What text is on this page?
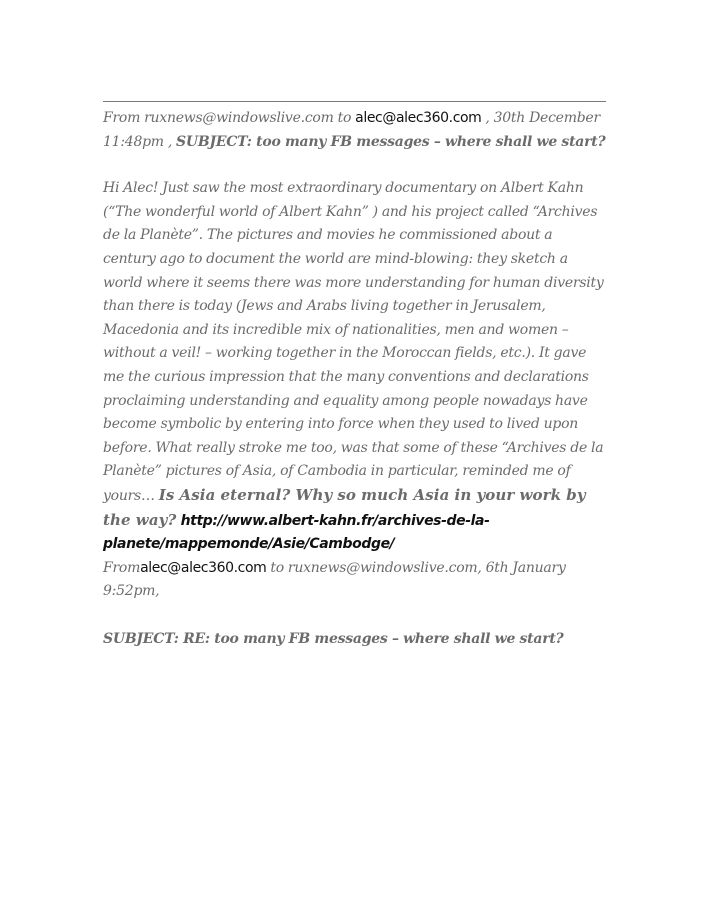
From ruxnews@windowslive.com to alec@alec360.com , 30th December 11:48pm , SUBJECT: too many FB messages – where shall we start?

Hi Alec! Just saw the most extraordinary documentary on Albert Kahn (“The wonderful world of Albert Kahn” ) and his project called “Archives de la Planète”. The pictures and movies he commissioned about a century ago to document the world are mind-blowing: they sketch a world where it seems there was more understanding for human diversity than there is today (Jews and Arabs living together in Jerusalem, Macedonia and its incredible mix of nationalities, men and women – without a veil! – working together in the Moroccan fields, etc.). It gave me the curious impression that the many conventions and declarations proclaiming understanding and equality among people nowadays have become symbolic by entering into force when they used to lived upon before. What really stroke me too, was that some of these “Archives de la Planète” pictures of Asia, of Cambodia in particular, reminded me of yours… Is Asia eternal? Why so much Asia in your work by the way? http://www.albert-kahn.fr/archives-de-la-planete/mappemonde/Asie/Cambodge/

Fromalec@alec360.com to ruxnews@windowslive.com, 6th January 9:52pm,

SUBJECT: RE: too many FB messages – where shall we start?
